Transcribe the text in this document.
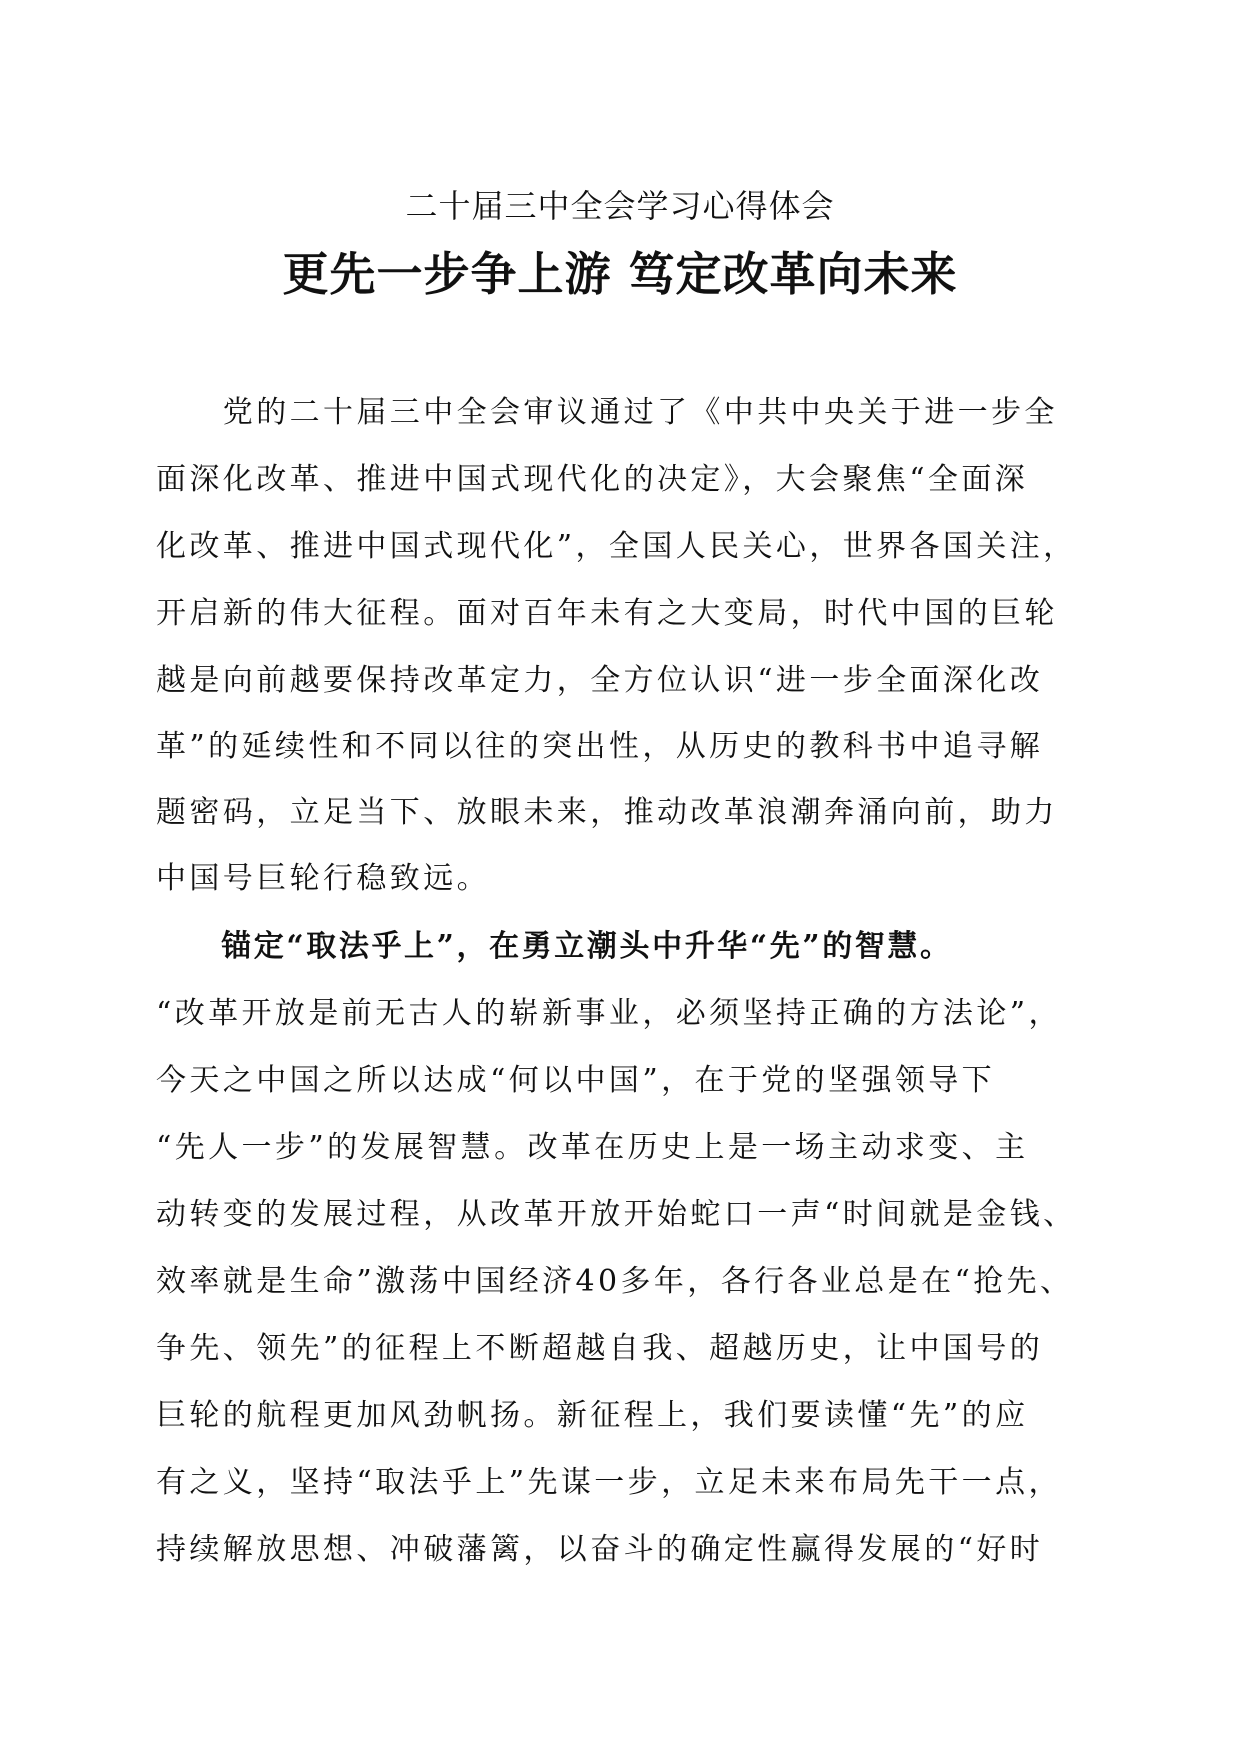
二十届三中全会学习心得体会
更先一步争上游 笃定改革向未来
　　党的二十届三中全会审议通过了《中共中央关于进一步全
面深化改革、推进中国式现代化的决定》，大会聚焦“全面深
化改革、推进中国式现代化”，全国人民关心，世界各国关注，
开启新的伟大征程。面对百年未有之大变局，时代中国的巨轮
越是向前越要保持改革定力，全方位认识“进一步全面深化改
革”的延续性和不同以往的突出性，从历史的教科书中追寻解
题密码，立足当下、放眼未来，推动改革浪潮奔涌向前，助力
中国号巨轮行稳致远。
　　锚定“取法乎上”，在勇立潮头中升华“先”的智慧。
“改革开放是前无古人的崭新事业，必须坚持正确的方法论”，
今天之中国之所以达成“何以中国”，在于党的坚强领导下
“先人一步”的发展智慧。改革在历史上是一场主动求变、主
动转变的发展过程，从改革开放开始蛇口一声“时间就是金钱、
效率就是生命”激荡中国经济40多年，各行各业总是在“抢先、
争先、领先”的征程上不断超越自我、超越历史，让中国号的
巨轮的航程更加风劲帆扬。新征程上，我们要读懂“先”的应
有之义，坚持“取法乎上”先谋一步，立足未来布局先干一点，
持续解放思想、冲破藩篱，以奋斗的确定性赢得发展的“好时
